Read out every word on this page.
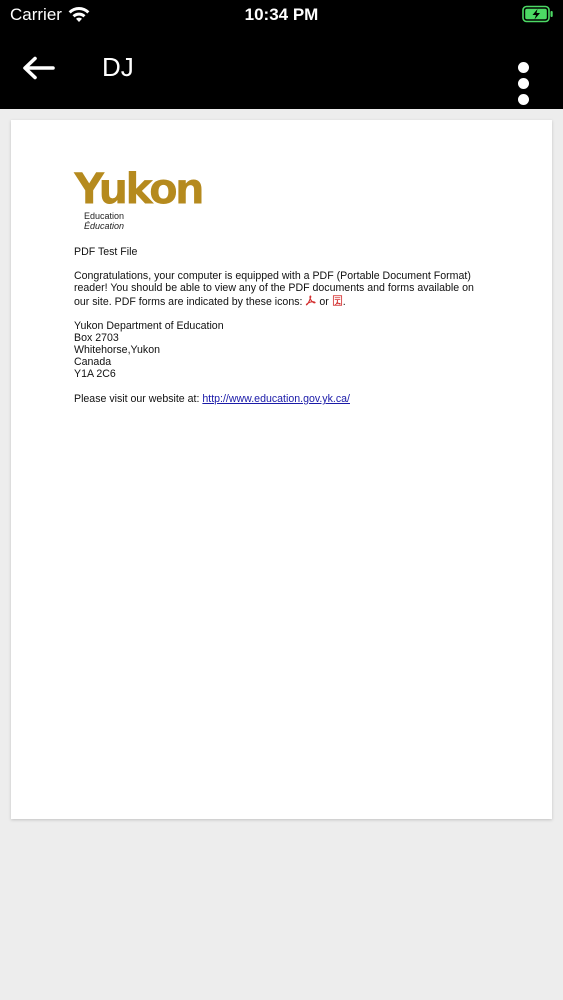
Carrier	10:34 PM
DJ
Yukon
Education
Éducation
PDF Test File
Congratulations, your computer is equipped with a PDF (Portable Document Format)
reader! You should be able to view any of the PDF documents and forms available on
our site. PDF forms are indicated by these icons:  or .
Yukon Department of Education
Box 2703
Whitehorse,Yukon
Canada
Y1A 2C6
Please visit our website at: http://www.education.gov.yk.ca/
